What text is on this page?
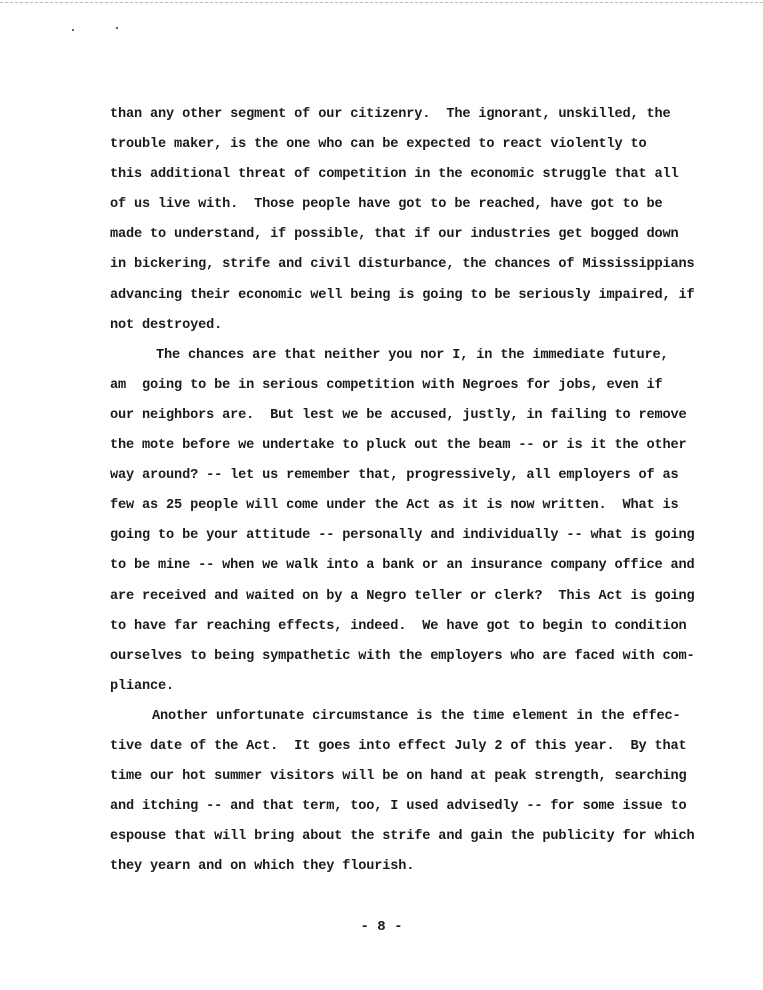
than any other segment of our citizenry.  The ignorant, unskilled, the
trouble maker, is the one who can be expected to react violently to
this additional threat of competition in the economic struggle that all
of us live with.  Those people have got to be reached, have got to be
made to understand, if possible, that if our industries get bogged down
in bickering, strife and civil disturbance, the chances of Mississippians
advancing their economic well being is going to be seriously impaired, if
not destroyed.
The chances are that neither you nor I, in the immediate future,
am  going to be in serious competition with Negroes for jobs, even if
our neighbors are.  But lest we be accused, justly, in failing to remove
the mote before we undertake to pluck out the beam -- or is it the other
way around? -- let us remember that, progressively, all employers of as
few as 25 people will come under the Act as it is now written.  What is
going to be your attitude -- personally and individually -- what is going
to be mine -- when we walk into a bank or an insurance company office and
are received and waited on by a Negro teller or clerk?  This Act is going
to have far reaching effects, indeed.  We have got to begin to condition
ourselves to being sympathetic with the employers who are faced with com-
pliance.
Another unfortunate circumstance is the time element in the effec-
tive date of the Act.  It goes into effect July 2 of this year.  By that
time our hot summer visitors will be on hand at peak strength, searching
and itching -- and that term, too, I used advisedly -- for some issue to
espouse that will bring about the strife and gain the publicity for which
they yearn and on which they flourish.
- 8 -
